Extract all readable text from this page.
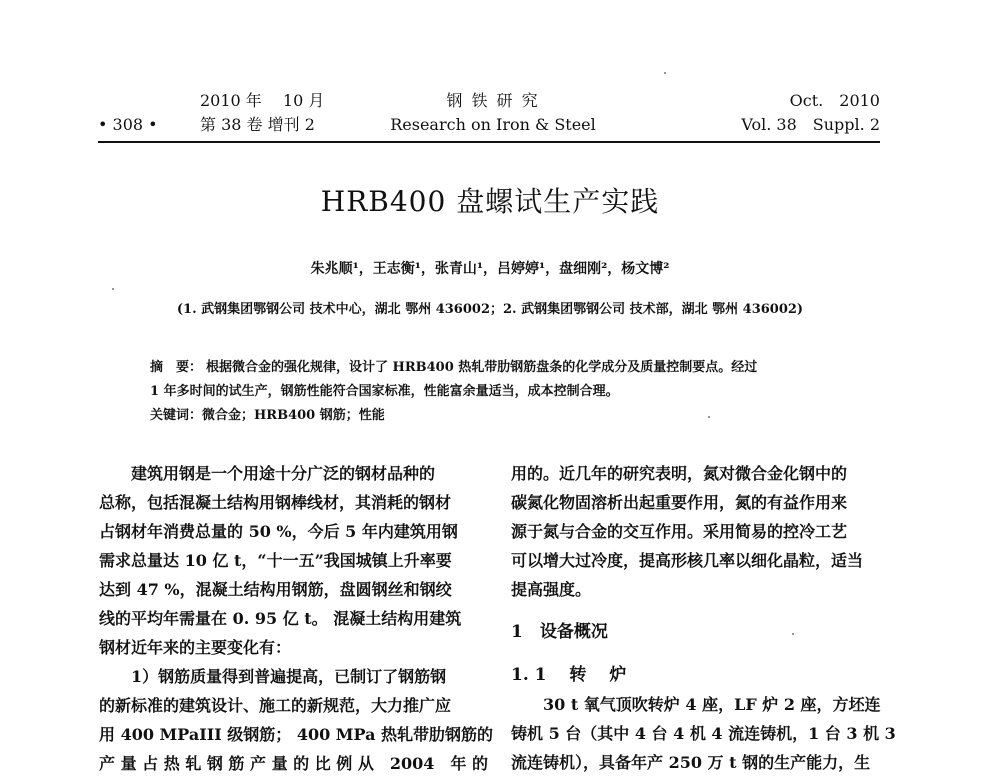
• 308 •
2010 年　 10 月
第 38 卷 增刊 2
钢 铁 研 究
Research on Iron & Steel
Oct.　2010
Vol. 38　Suppl. 2
HRB400 盘螺试生产实践
朱兆顺¹，王志衡¹，张青山¹，吕婷婷¹，盘细刚²，杨文博²
(1. 武钢集团鄂钢公司 技术中心，湖北 鄂州 436002；2. 武钢集团鄂钢公司 技术部，湖北 鄂州 436002)
摘　要： 根据微合金的强化规律，设计了 HRB400 热轧带肋钢筋盘条的化学成分及质量控制要点。经过
1 年多时间的试生产，钢筋性能符合国家标准，性能富余量适当，成本控制合理。
关键词：微合金；HRB400 钢筋；性能
建筑用钢是一个用途十分广泛的钢材品种的
总称，包括混凝土结构用钢棒线材，其消耗的钢材
占钢材年消费总量的 50 %，今后 5 年内建筑用钢
需求总量达 10 亿 t，“十一五”我国城镇上升率要
达到 47 %，混凝土结构用钢筋，盘圆钢丝和钢绞
线的平均年需量在 0. 95 亿 t。 混凝土结构用建筑
钢材近年来的主要变化有：
1）钢筋质量得到普遍提高，已制订了钢筋钢
的新标准的建筑设计、施工的新规范，大力推广应
用 400 MPaIII 级钢筋； 400 MPa 热轧带肋钢筋的
产 量 占 热 轧 钢 筋 产 量 的 比 例 从　2004　年 的
用的。近几年的研究表明，氮对微合金化钢中的
碳氮化物固溶析出起重要作用，氮的有益作用来
源于氮与合金的交互作用。采用简易的控冷工艺
可以增大过冷度，提高形核几率以细化晶粒，适当
提高强度。
1　设备概况
1. 1　 转　 炉
30 t 氧气顶吹转炉 4 座，LF 炉 2 座，方坯连
铸机 5 台（其中 4 台 4 机 4 流连铸机，1 台 3 机 3
流连铸机），具备年产 250 万 t 钢的生产能力，生
